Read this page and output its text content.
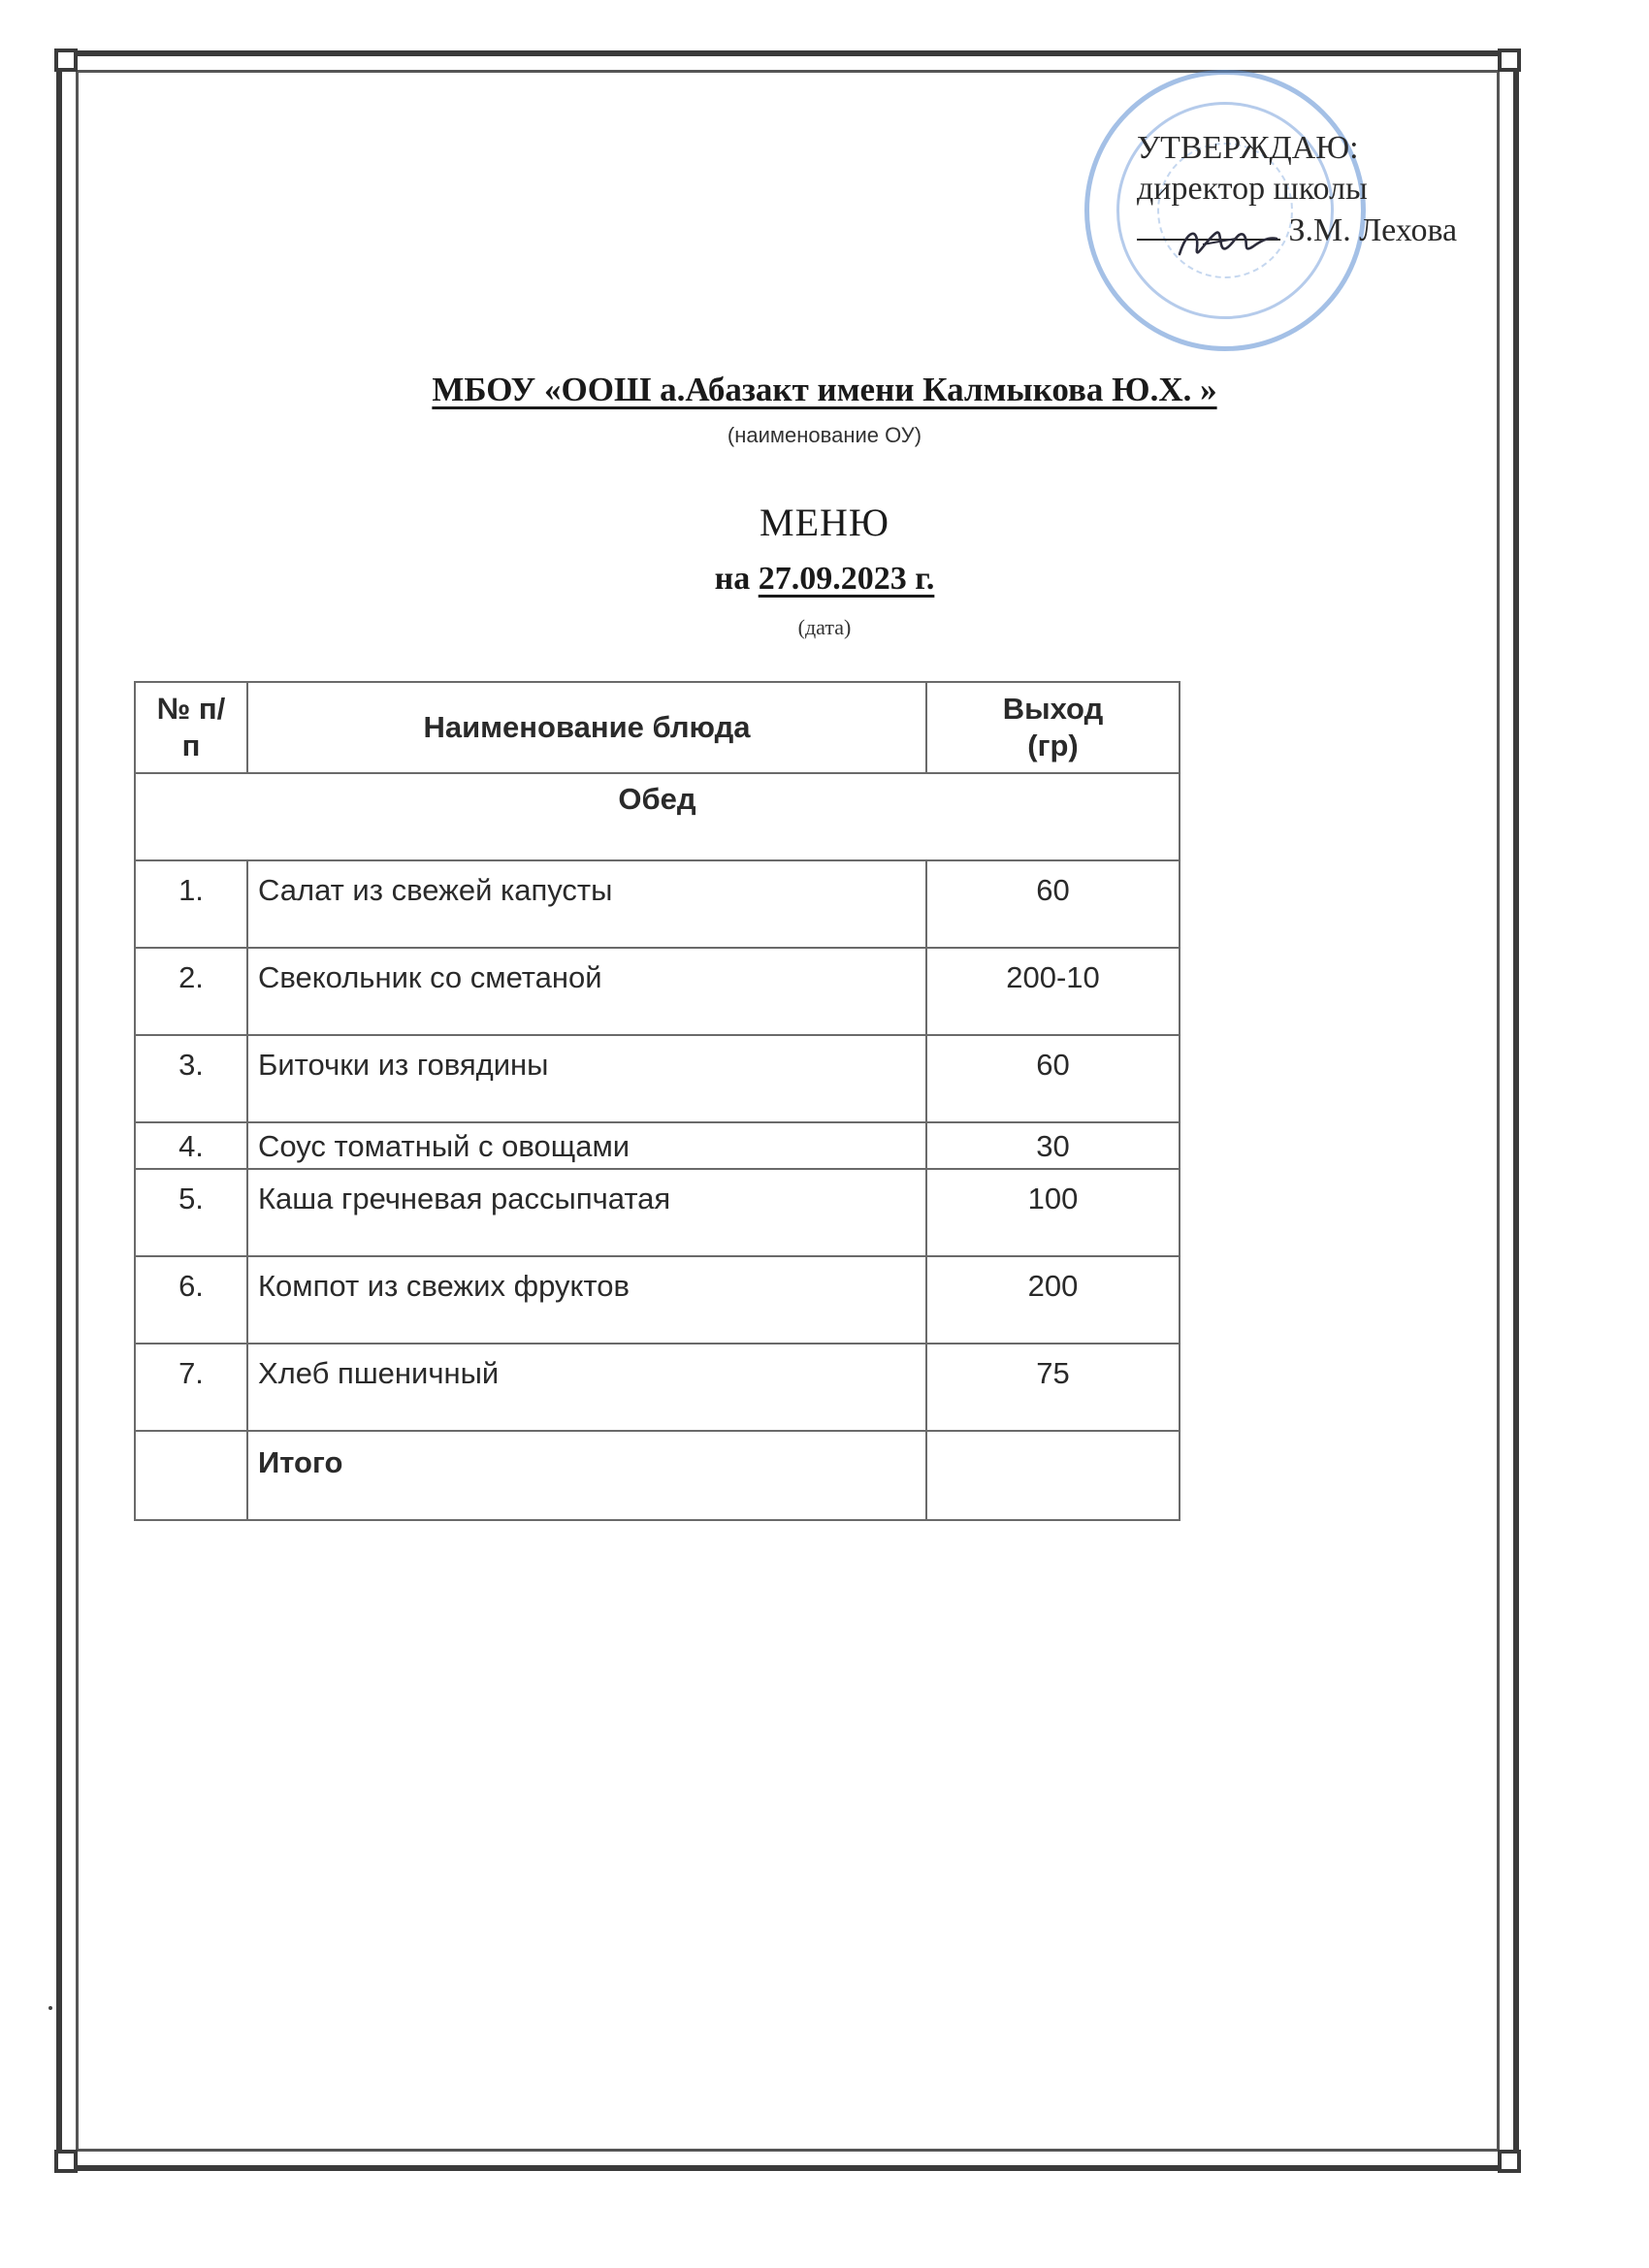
УТВЕРЖДАЮ:
директор школы
З.М. Лехова
МБОУ «ООШ а.Абазакт имени Калмыкова Ю.Х. »
(наименование ОУ)
МЕНЮ
на 27.09.2023 г.
(дата)
№ п/п	Наименование блюда	Выход (гр)
Обед		
1.	Салат из свежей капусты	60
2.	Свекольник со сметаной	200-10
3.	Биточки из говядины	60
4.	Соус томатный с овощами	30
5.	Каша гречневая рассыпчатая	100
6.	Компот из свежих фруктов	200
7.	Хлеб пшеничный	75
	Итого	
